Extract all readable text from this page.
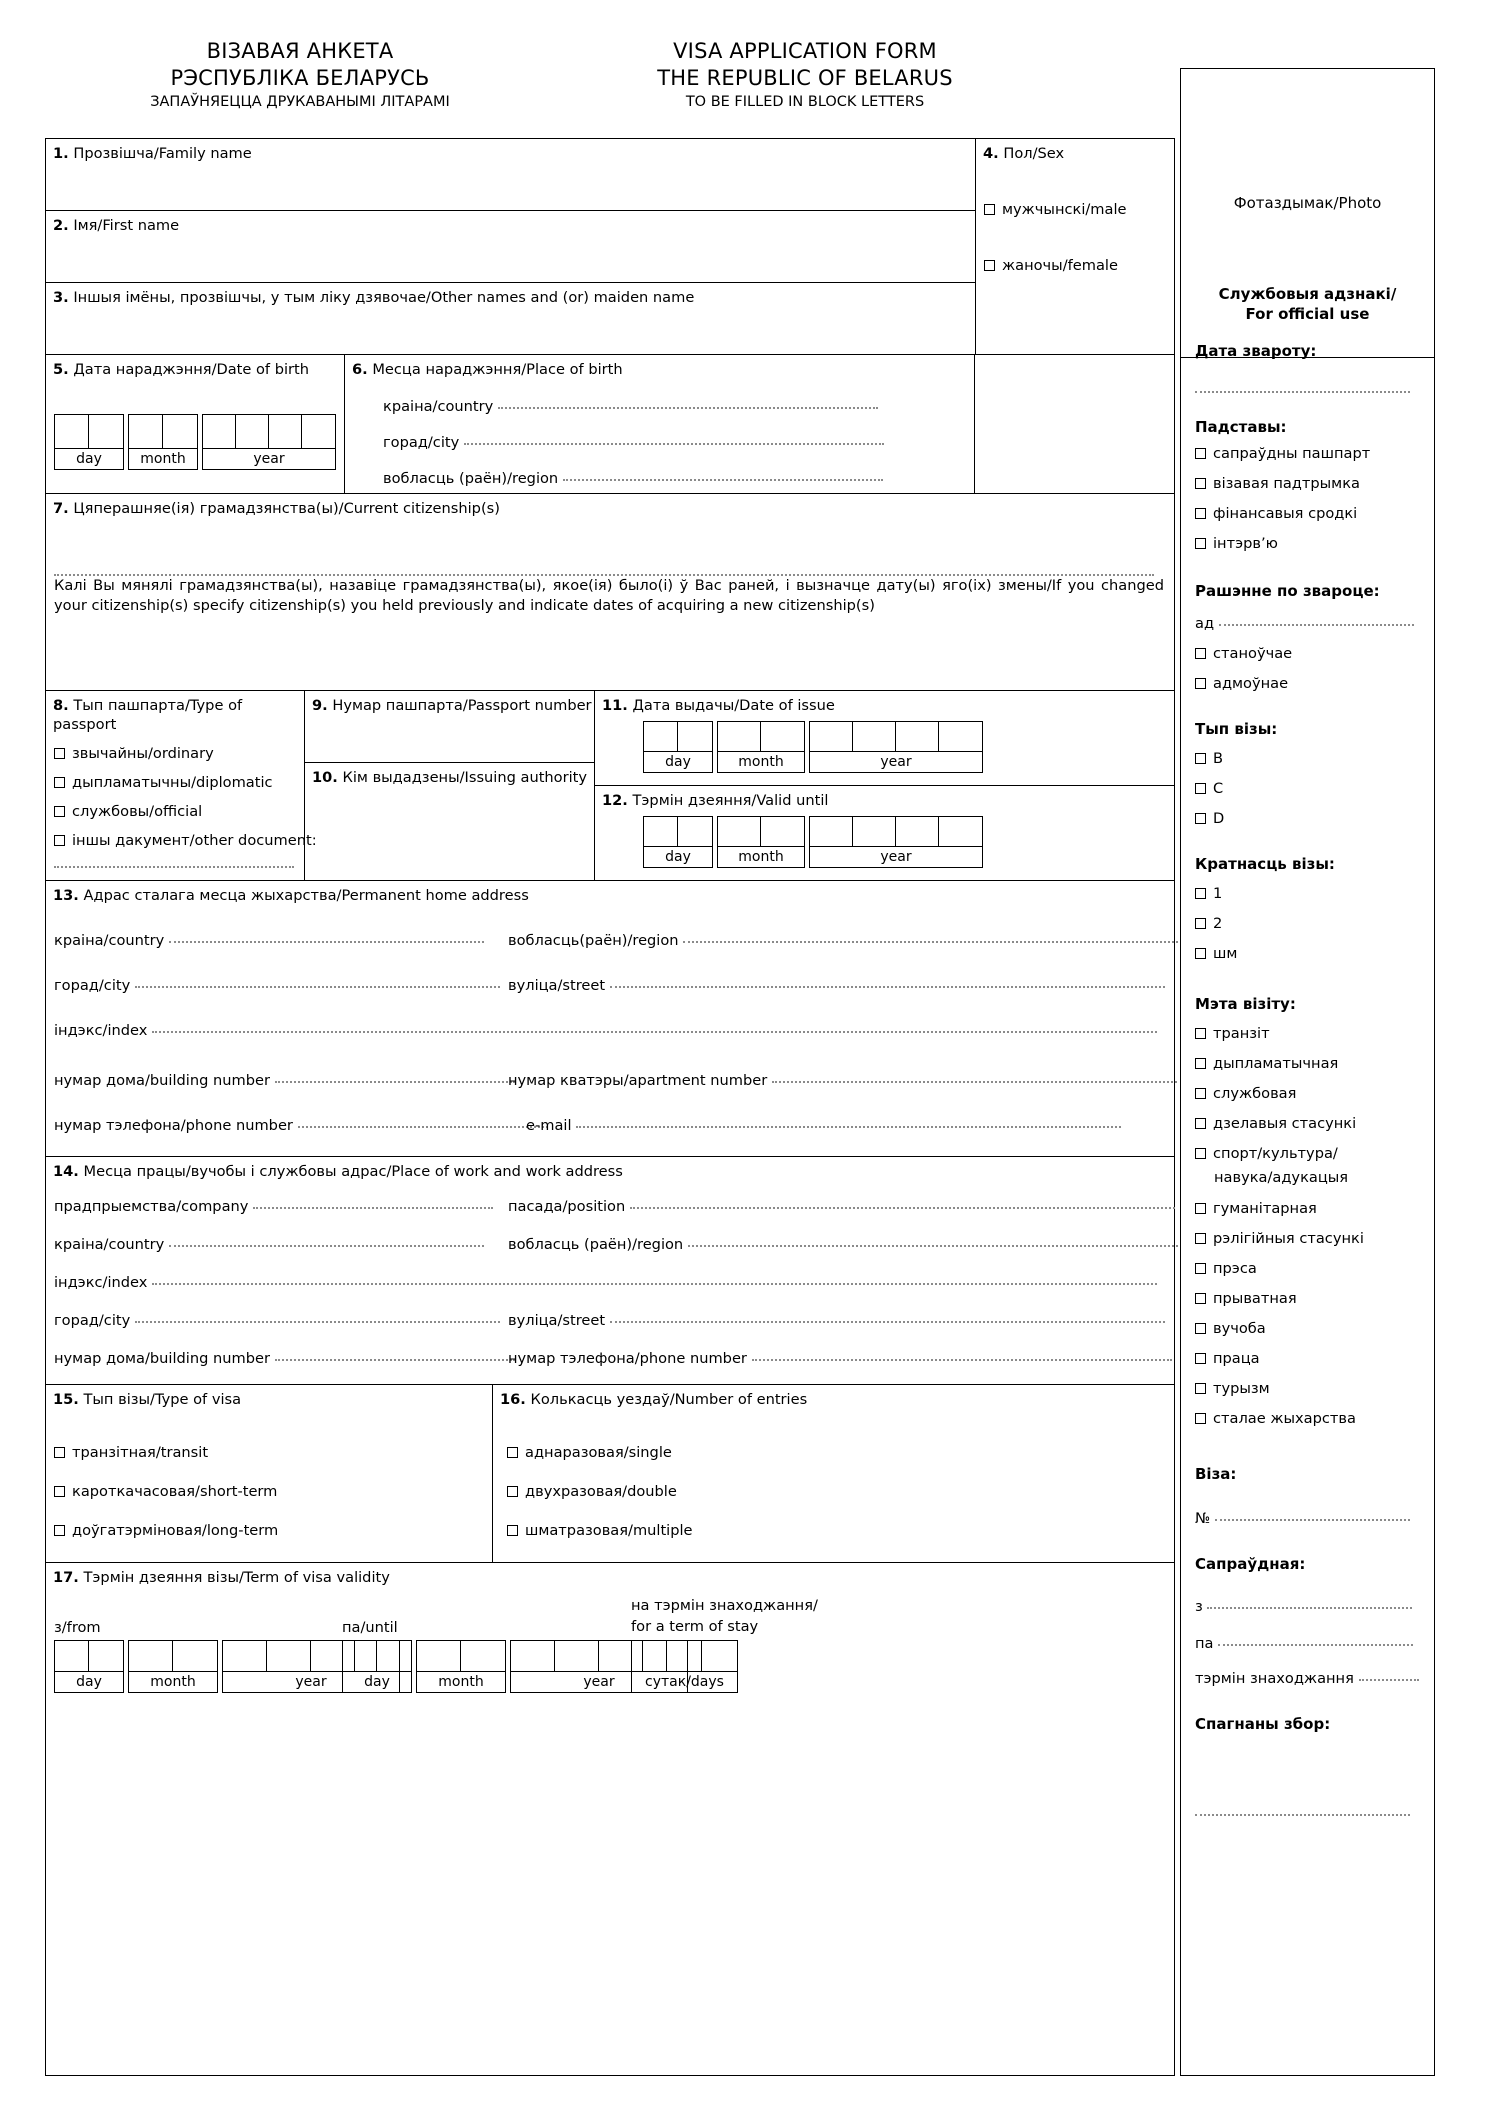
ВІЗАВАЯ АНКЕТА
РЭСПУБЛІКА БЕЛАРУСЬ
ЗАПАЎНЯЕЦЦА ДРУКАВАНЫМІ ЛІТАРАМІ
VISA APPLICATION FORM
THE REPUBLIC OF BELARUS
TO BE FILLED IN BLOCK LETTERS
Фотаздымак/Photo
1. Прозвішча/Family name
2. Імя/First name
3. Іншыя імёны, прозвішчы, у тым ліку дзявочае/Other names and (or) maiden name
4. Пол/Sex
мужчынскі/male
жаночы/female
5. Дата нараджэння/Date of birth
day	month	year
6. Месца нараджэння/Place of birth
краіна/country
горад/city
вобласць (раён)/region
7. Цяперашняе(ія) грамадзянства(ы)/Current citizenship(s)
Калі Вы мянялі грамадзянства(ы), назавіце грамадзянства(ы), якое(ія) было(і) ў Вас раней, і вызначце дату(ы) яго(іх) змены/If you changed your citizenship(s) specify citizenship(s) you held previously and indicate dates of acquiring a new citizenship(s)
8. Тып пашпарта/Type of passport
звычайны/ordinary
дыпламатычны/diplomatic
службовы/official
іншы дакумент/other document:
9. Нумар пашпарта/Passport number
10. Кім выдадзены/Issuing authority
11. Дата выдачы/Date of issue
day	month	year
12. Тэрмін дзеяння/Valid until
day	month	year
13. Адрас сталага месца жыхарства/Permanent home address
краіна/country	вобласць(раён)/region
горад/city	вуліца/street
індэкс/index
нумар дома/building number	нумар кватэры/apartment number
нумар тэлефона/phone number	e-mail
14. Месца працы/вучобы і службовы адрас/Place of work and work address
прадпрыемства/company	пасада/position
краіна/country	вобласць (раён)/region
індэкс/index
горад/city	вуліца/street
нумар дома/building number	нумар тэлефона/phone number
15. Тып візы/Type of visa
транзітная/transit
кароткачасовая/short-term
доўгатэрміновая/long-term
16. Колькасць уездаў/Number of entries
аднаразовая/single
двухразовая/double
шматразовая/multiple
17. Тэрмін дзеяння візы/Term of visa validity
з/from
day	month	year
па/until
day	month	year
на тэрмін знаходжання/
for a term of stay
сутак/days
Службовыя адзнакі/
For official use
Дата звароту:
Падставы:
сапраўдны пашпарт
візавая падтрымка
фінансавыя сродкі
інтэрв’ю
Рашэнне по звароце:
ад
станоўчае
адмоўнае
Тып візы:
B
C
D
Кратнасць візы:
1
2
шм
Мэта візіту:
транзіт
дыпламатычная
службовая
дзелавыя стасункі
спорт/культура/
навука/адукацыя
гуманітарная
рэлігійныя стасункі
прэса
прыватная
вучоба
праца
турызм
сталае жыхарства
Віза:
№
Сапраўдная:
з
па
тэрмін знаходжання
Спагнаны збор:
